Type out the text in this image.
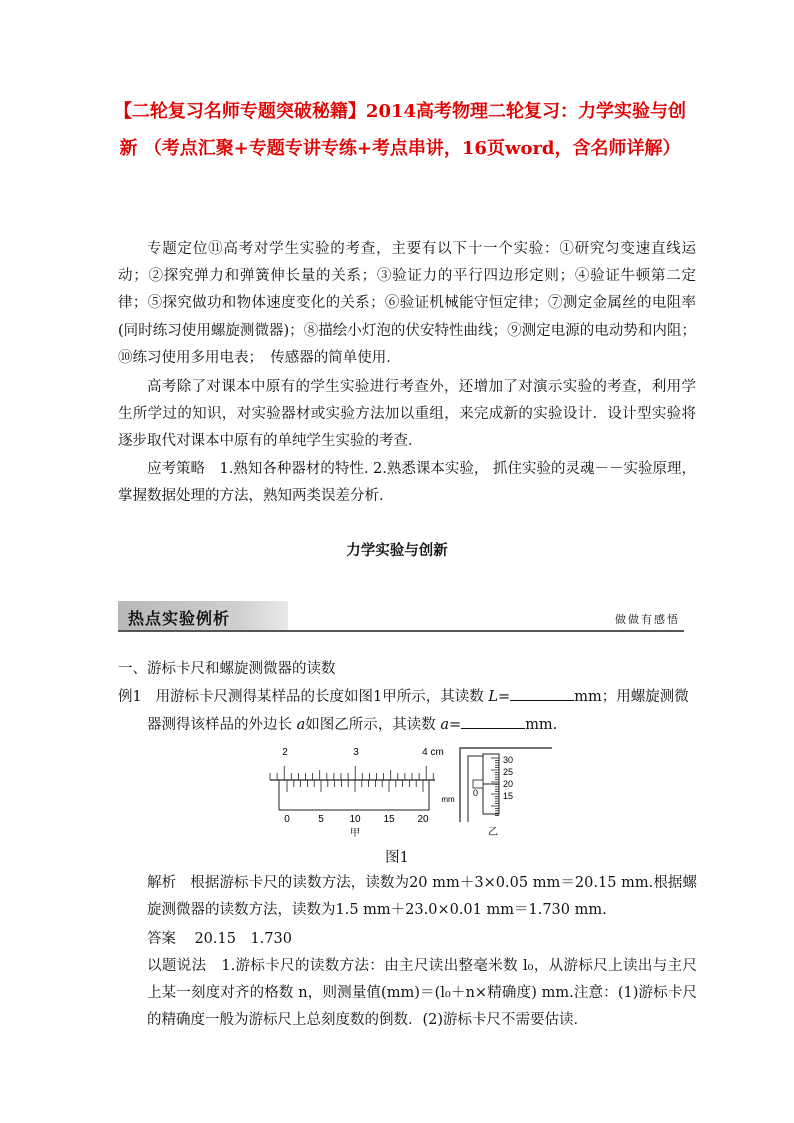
【二轮复习名师专题突破秘籍】2014高考物理二轮复习：力学实验与创新 （考点汇聚+专题专讲专练+考点串讲，16页word，含名师详解）
专题定位⑪高考对学生实验的考查，主要有以下十一个实验：①研究匀变速直线运动；②探究弹力和弹簧伸长量的关系；③验证力的平行四边形定则；④验证牛顿第二定律；⑤探究做功和物体速度变化的关系；⑥验证机械能守恒定律；⑦测定金属丝的电阻率(同时练习使用螺旋测微器)；⑧描绘小灯泡的伏安特性曲线；⑨测定电源的电动势和内阻；⑩练习使用多用电表；　传感器的简单使用．
高考除了对课本中原有的学生实验进行考查外，还增加了对演示实验的考查，利用学生所学过的知识，对实验器材或实验方法加以重组，来完成新的实验设计．设计型实验将逐步取代对课本中原有的单纯学生实验的考查．
应考策略　1.熟知各种器材的特性. 2.熟悉课本实验， 抓住实验的灵魂－－实验原理，掌握数据处理的方法，熟知两类误差分析．
力学实验与创新
热点实验例析	做做有感悟
一、游标卡尺和螺旋测微器的读数
例1 用游标卡尺测得某样品的长度如图1甲所示，其读数 L=	mm；用螺旋测微
器测得该样品的外边长 a如图乙所示，其读数 a=	mm.
2	3	4 cm
0	5	10 15 20
甲
30
25
20
15
0
mm
乙
图1
解析 根据游标卡尺的读数方法，读数为20 mm＋3×0.05 mm＝20.15 mm.根据螺旋测微器的读数方法，读数为1.5 mm＋23.0×0.01 mm＝1.730 mm.
答案 20.15　1.730
以题说法　1.游标卡尺的读数方法：由主尺读出整毫米数 l₀，从游标尺上读出与主尺上某一刻度对齐的格数 n，则测量值(mm)＝(l₀＋n×精确度) mm.注意：(1)游标卡尺的精确度一般为游标尺上总刻度数的倒数．(2)游标卡尺不需要估读．
